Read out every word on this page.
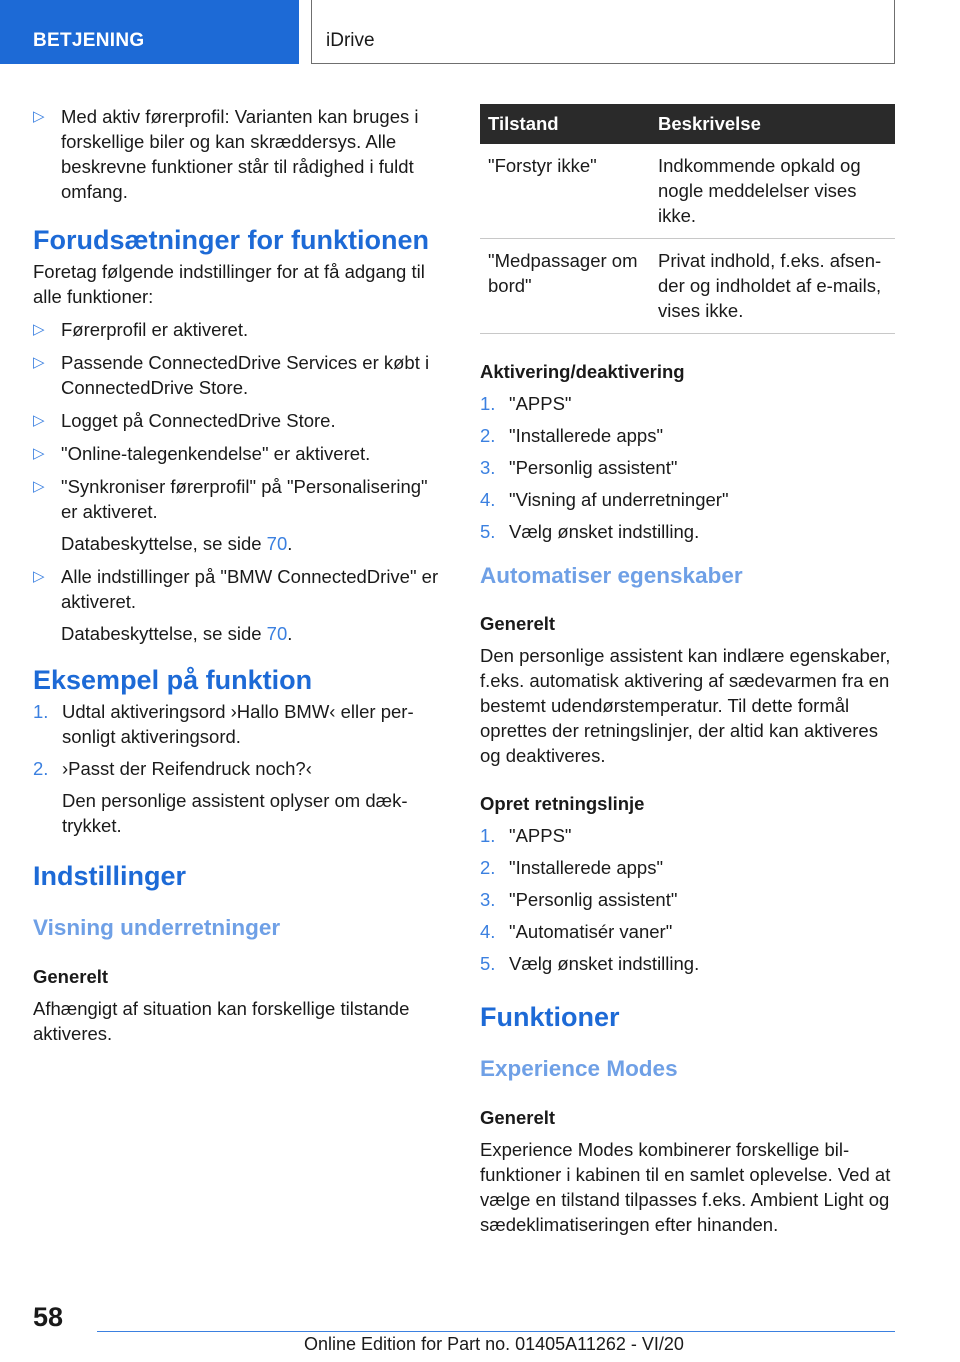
BETJENING	iDrive
▷ Med aktiv førerprofil: Varianten kan bruges i forskellige biler og kan skræddersys. Alle beskrevne funktioner står til rådighed i fuldt omfang.
Forudsætninger for funktionen

Foretag følgende indstillinger for at få adgang til alle funktioner:

▷ Førerprofil er aktiveret.
▷ Passende ConnectedDrive Services er købt i ConnectedDrive Store.
▷ Logget på ConnectedDrive Store.
▷ "Online-talegenkendelse" er aktiveret.
▷ "Synkroniser førerprofil" på "Personalisering" er aktiveret.
Databeskyttelse, se side 70.
▷ Alle indstillinger på "BMW ConnectedDrive" er aktiveret.
Databeskyttelse, se side 70.
Eksempel på funktion
1. Udtal aktiveringsord ›Hallo BMW‹ eller personligt aktiveringsord.
2. ›Passt der Reifendruck noch?‹
Den personlige assistent oplyser om dæktrykket.
Indstillinger
Visning underretninger
Generelt

Afhængigt af situation kan forskellige tilstande aktiveres.

Tilstand	Beskrivelse
"Forstyr ikke"	Indkommende opkald og nogle meddelelser vises ikke.
"Medpassager om bord"	Privat indhold, f.eks. afsender og indholdet af e-mails, vises ikke.
Aktivering/deaktivering
1. "APPS"
2. "Installerede apps"
3. "Personlig assistent"
4. "Visning af underretninger"
5. Vælg ønsket indstilling.
Automatiser egenskaber
Generelt

Den personlige assistent kan indlære egenskaber, f.eks. automatisk aktivering af sædevarmen fra en bestemt udendørstemperatur. Til dette formål oprettes der retningslinjer, der altid kan aktiveres og deaktiveres.

Opret retningslinje
1. "APPS"
2. "Installerede apps"
3. "Personlig assistent"
4. "Automatisér vaner"
5. Vælg ønsket indstilling.
Funktioner
Experience Modes
Generelt

Experience Modes kombinerer forskellige bilfunktioner i kabinen til en samlet oplevelse. Ved at vælge en tilstand tilpasses f.eks. Ambient Light og sædeklimatiseringen efter hinanden.

58
Online Edition for Part no. 01405A11262 - VI/20
